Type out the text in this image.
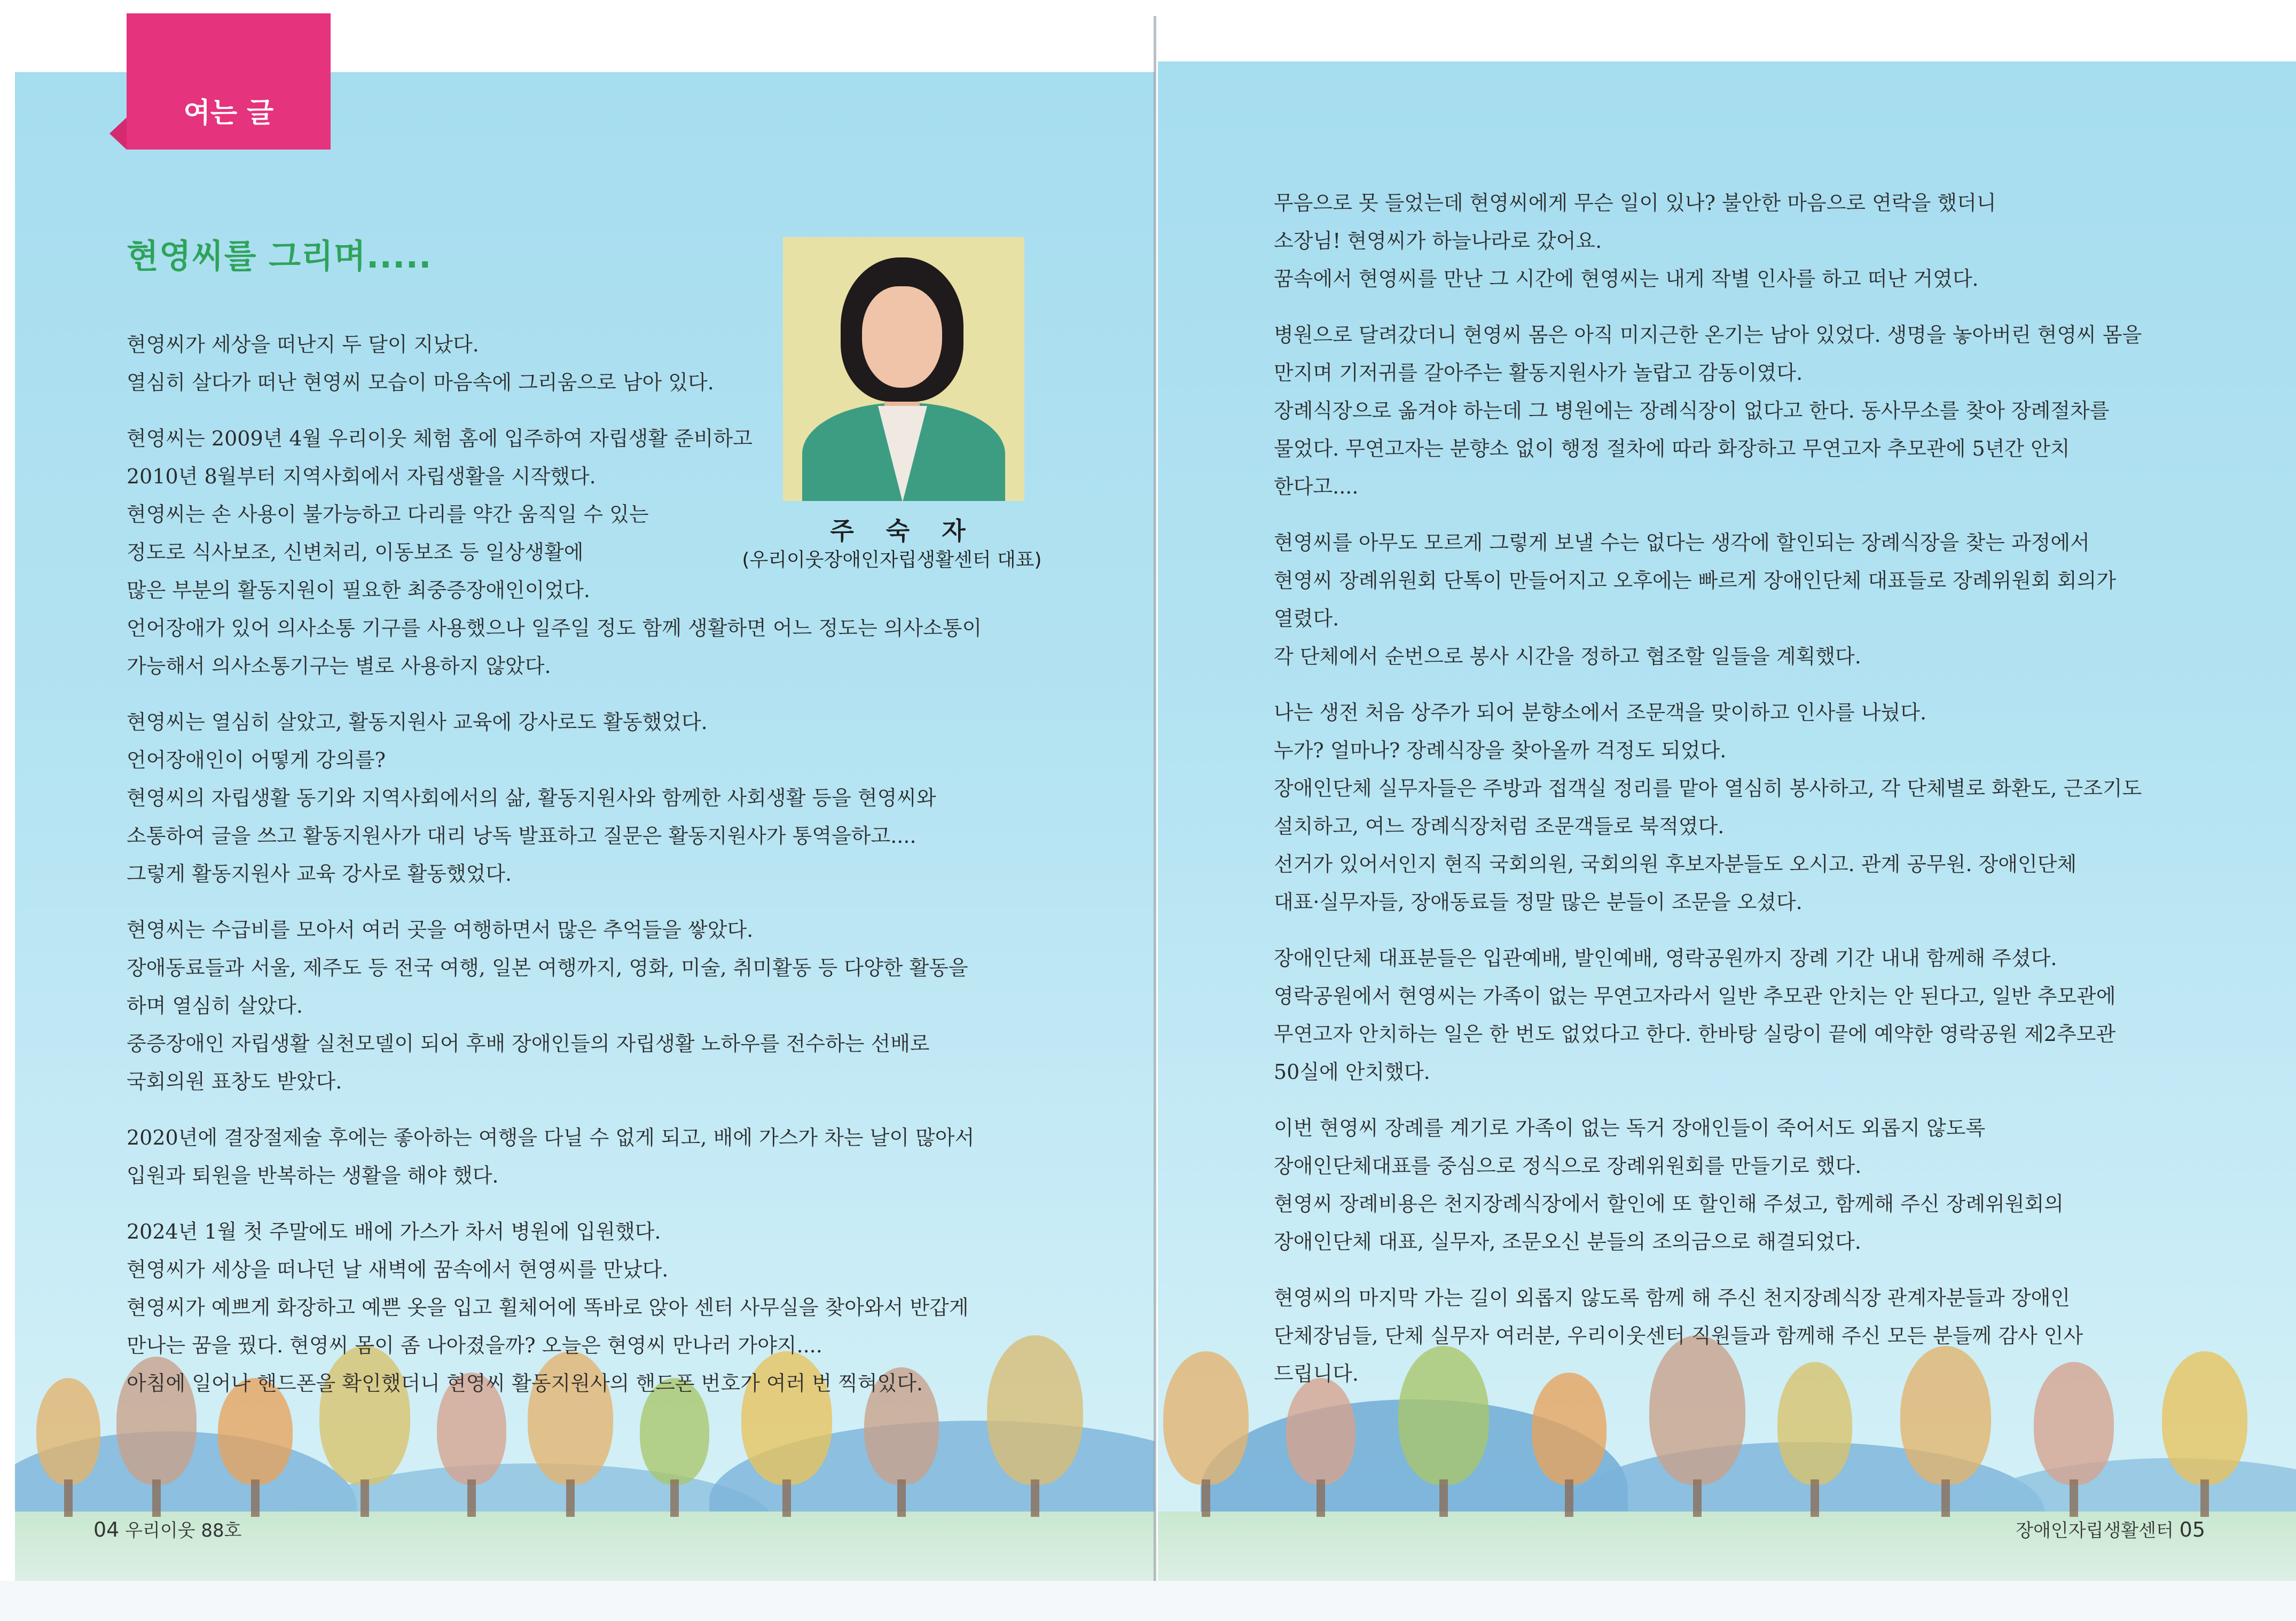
여는 글
현영씨를 그리며.....
주 숙 자
(우리이웃장애인자립생활센터 대표)

현영씨가 세상을 떠난지 두 달이 지났다.
열심히 살다가 떠난 현영씨 모습이 마음속에 그리움으로 남아 있다.

현영씨는 2009년 4월 우리이웃 체험 홈에 입주하여 자립생활 준비하고
2010년 8월부터 지역사회에서 자립생활을 시작했다.
현영씨는 손 사용이 불가능하고 다리를 약간 움직일 수 있는
정도로 식사보조, 신변처리, 이동보조 등 일상생활에
많은 부분의 활동지원이 필요한 최중증장애인이었다.
언어장애가 있어 의사소통 기구를 사용했으나 일주일 정도 함께 생활하면 어느 정도는 의사소통이
가능해서 의사소통기구는 별로 사용하지 않았다.

현영씨는 열심히 살았고, 활동지원사 교육에 강사로도 활동했었다.
언어장애인이 어떻게 강의를?
현영씨의 자립생활 동기와 지역사회에서의 삶, 활동지원사와 함께한 사회생활 등을 현영씨와
소통하여 글을 쓰고 활동지원사가 대리 낭독 발표하고 질문은 활동지원사가 통역을하고....
그렇게 활동지원사 교육 강사로 활동했었다.

현영씨는 수급비를 모아서 여러 곳을 여행하면서 많은 추억들을 쌓았다.
장애동료들과 서울, 제주도 등 전국 여행, 일본 여행까지, 영화, 미술, 취미활동 등 다양한 활동을
하며 열심히 살았다.
중증장애인 자립생활 실천모델이 되어 후배 장애인들의 자립생활 노하우를 전수하는 선배로
국회의원 표창도 받았다.

2020년에 결장절제술 후에는 좋아하는 여행을 다닐 수 없게 되고, 배에 가스가 차는 날이 많아서
입원과 퇴원을 반복하는 생활을 해야 했다.

2024년 1월 첫 주말에도 배에 가스가 차서 병원에 입원했다.
현영씨가 세상을 떠나던 날 새벽에 꿈속에서 현영씨를 만났다.
현영씨가 예쁘게 화장하고 예쁜 옷을 입고 휠체어에 똑바로 앉아 센터 사무실을 찾아와서 반갑게
만나는 꿈을 꿨다. 현영씨 몸이 좀 나아졌을까? 오늘은 현영씨 만나러 가야지....
아침에 일어나 핸드폰을 확인했더니 현영씨 활동지원사의 핸드폰 번호가 여러 번 찍혀있다.

무음으로 못 들었는데 현영씨에게 무슨 일이 있나? 불안한 마음으로 연락을 했더니
소장님! 현영씨가 하늘나라로 갔어요.
꿈속에서 현영씨를 만난 그 시간에 현영씨는 내게 작별 인사를 하고 떠난 거였다.

병원으로 달려갔더니 현영씨 몸은 아직 미지근한 온기는 남아 있었다. 생명을 놓아버린 현영씨 몸을
만지며 기저귀를 갈아주는 활동지원사가 놀랍고 감동이였다.
장례식장으로 옮겨야 하는데 그 병원에는 장례식장이 없다고 한다. 동사무소를 찾아 장례절차를
물었다. 무연고자는 분향소 없이 행정 절차에 따라 화장하고 무연고자 추모관에 5년간 안치
한다고....

현영씨를 아무도 모르게 그렇게 보낼 수는 없다는 생각에 할인되는 장례식장을 찾는 과정에서
현영씨 장례위원회 단톡이 만들어지고 오후에는 빠르게 장애인단체 대표들로 장례위원회 회의가
열렸다.
각 단체에서 순번으로 봉사 시간을 정하고 협조할 일들을 계획했다.

나는 생전 처음 상주가 되어 분향소에서 조문객을 맞이하고 인사를 나눴다.
누가? 얼마나? 장례식장을 찾아올까 걱정도 되었다.
장애인단체 실무자들은 주방과 접객실 정리를 맡아 열심히 봉사하고, 각 단체별로 화환도, 근조기도
설치하고, 여느 장례식장처럼 조문객들로 북적였다.
선거가 있어서인지 현직 국회의원, 국회의원 후보자분들도 오시고. 관계 공무원. 장애인단체
대표·실무자들, 장애동료들 정말 많은 분들이 조문을 오셨다.

장애인단체 대표분들은 입관예배, 발인예배, 영락공원까지 장례 기간 내내 함께해 주셨다.
영락공원에서 현영씨는 가족이 없는 무연고자라서 일반 추모관 안치는 안 된다고, 일반 추모관에
무연고자 안치하는 일은 한 번도 없었다고 한다. 한바탕 실랑이 끝에 예약한 영락공원 제2추모관
50실에 안치했다.

이번 현영씨 장례를 계기로 가족이 없는 독거 장애인들이 죽어서도 외롭지 않도록
장애인단체대표를 중심으로 정식으로 장례위원회를 만들기로 했다.
현영씨 장례비용은 천지장례식장에서 할인에 또 할인해 주셨고, 함께해 주신 장례위원회의
장애인단체 대표, 실무자, 조문오신 분들의 조의금으로 해결되었다.

현영씨의 마지막 가는 길이 외롭지 않도록 함께 해 주신 천지장례식장 관계자분들과 장애인
단체장님들, 단체 실무자 여러분, 우리이웃센터 직원들과 함께해 주신 모든 분들께 감사 인사
드립니다.

04 우리이웃 88호	장애인자립생활센터 05
